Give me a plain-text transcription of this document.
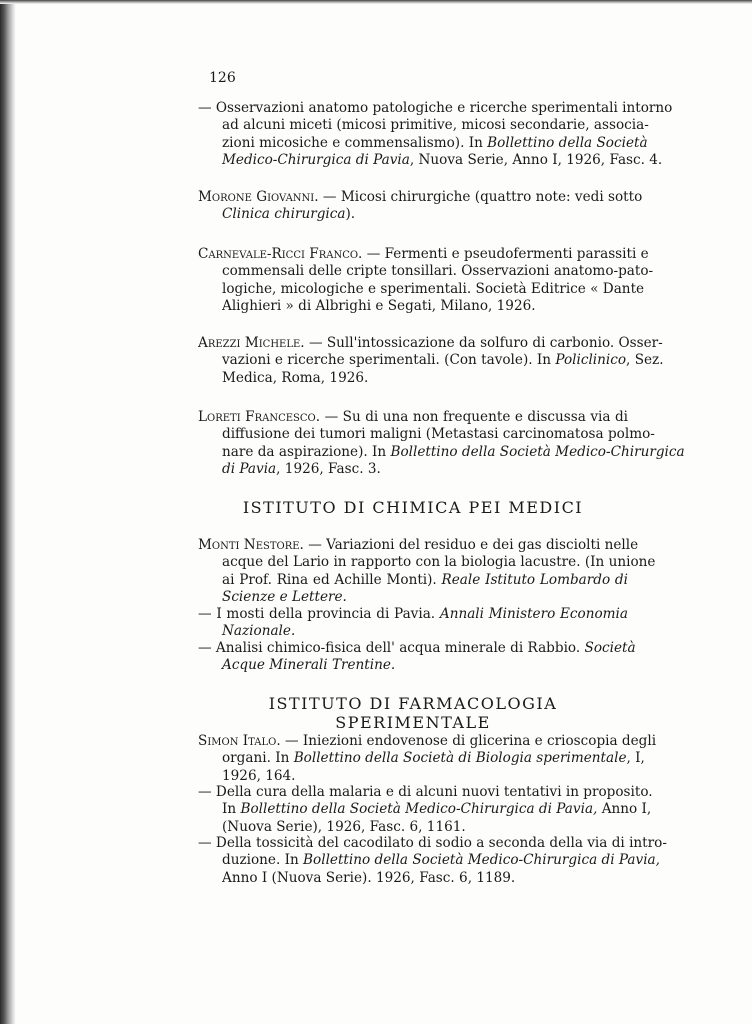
126
— Osservazioni anatomo patologiche e ricerche sperimentali intorno
ad alcuni miceti (micosi primitive, micosi secondarie, associa-
zioni micosiche e commensalismo). In Bollettino della Società
Medico-Chirurgica di Pavia, Nuova Serie, Anno I, 1926, Fasc. 4.
Morone Giovanni. — Micosi chirurgiche (quattro note: vedi sotto
Clinica chirurgica).
Carnevale-Ricci Franco. — Fermenti e pseudofermenti parassiti e
commensali delle cripte tonsillari. Osservazioni anatomo-pato-
logiche, micologiche e sperimentali. Società Editrice « Dante
Alighieri » di Albrighi e Segati, Milano, 1926.
Arezzi Michele. — Sull'intossicazione da solfuro di carbonio. Osser-
vazioni e ricerche sperimentali. (Con tavole). In Policlinico, Sez.
Medica, Roma, 1926.
Loreti Francesco. — Su di una non frequente e discussa via di
diffusione dei tumori maligni (Metastasi carcinomatosa polmo-
nare da aspirazione). In Bollettino della Società Medico-Chirurgica
di Pavia, 1926, Fasc. 3.
ISTITUTO DI CHIMICA PEI MEDICI
Monti Nestore. — Variazioni del residuo e dei gas disciolti nelle
acque del Lario in rapporto con la biologia lacustre. (In unione
ai Prof. Rina ed Achille Monti). Reale Istituto Lombardo di
Scienze e Lettere.
— I mosti della provincia di Pavia. Annali Ministero Economia
Nazionale.
— Analisi chimico-fisica dell' acqua minerale di Rabbio. Società
Acque Minerali Trentine.
ISTITUTO DI FARMACOLOGIA SPERIMENTALE
Simon Italo. — Iniezioni endovenose di glicerina e crioscopia degli
organi. In Bollettino della Società di Biologia sperimentale, I,
1926, 164.
— Della cura della malaria e di alcuni nuovi tentativi in proposito.
In Bollettino della Società Medico-Chirurgica di Pavia, Anno I,
(Nuova Serie), 1926, Fasc. 6, 1161.
— Della tossicità del cacodilato di sodio a seconda della via di intro-
duzione. In Bollettino della Società Medico-Chirurgica di Pavia,
Anno I (Nuova Serie). 1926, Fasc. 6, 1189.
